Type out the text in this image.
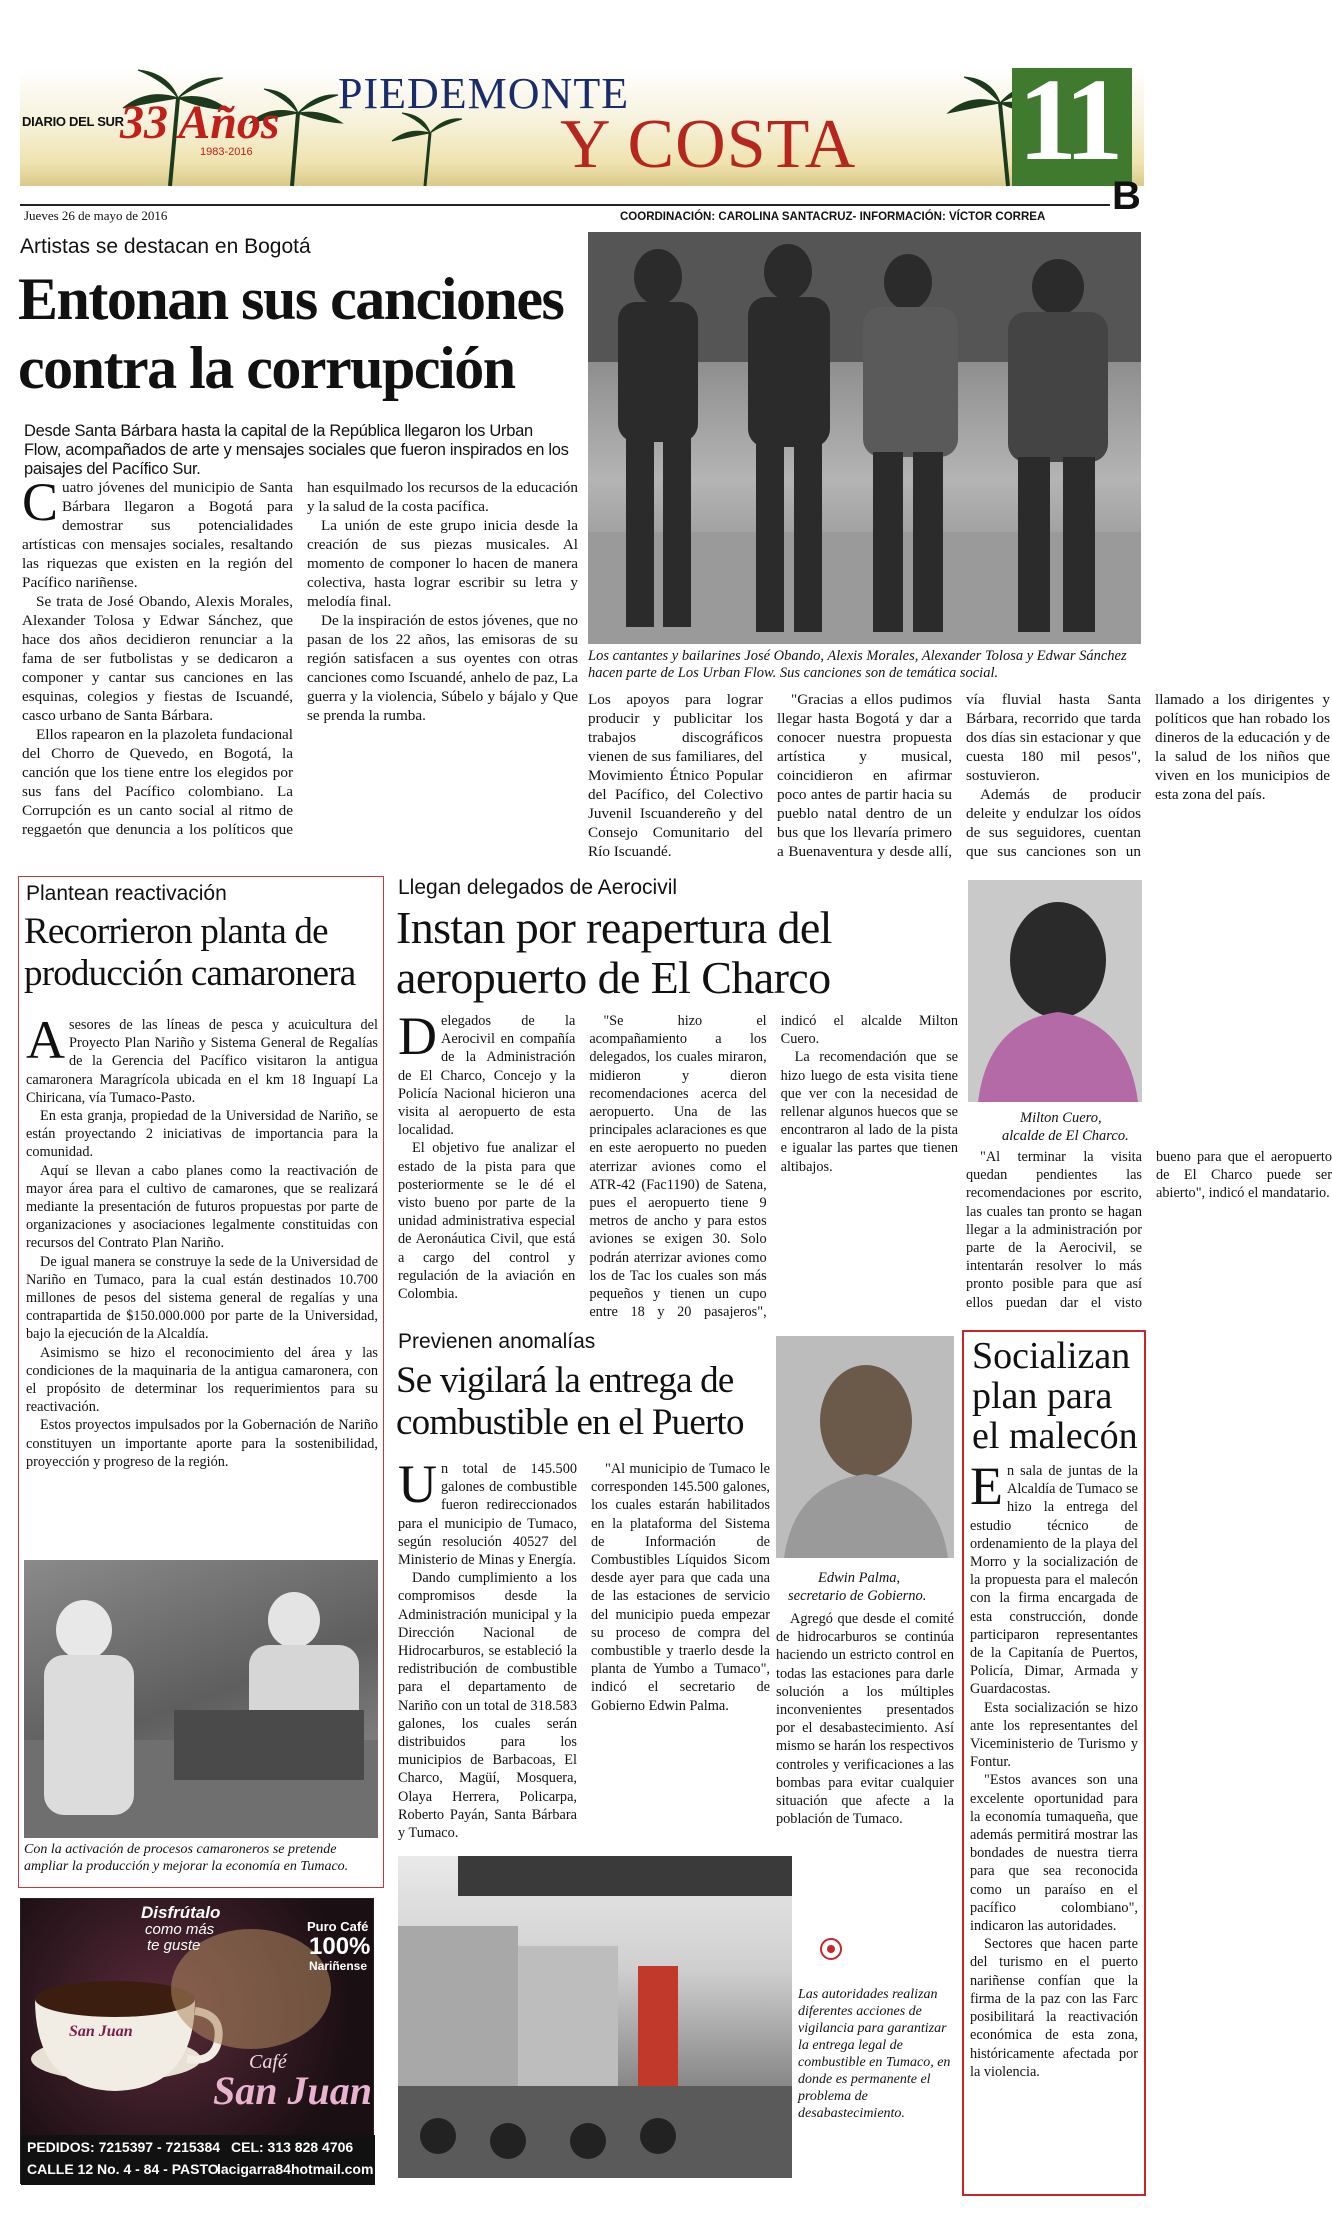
DIARIO DEL SUR
33 Años
1983-2016
PIEDEMONTE
Y COSTA 11
B
Jueves 26 de mayo de 2016	COORDINACIÓN: CAROLINA SANTACRUZ- INFORMACIÓN: VÍCTOR CORREA
Artistas se destacan en Bogotá
Entonan sus canciones
contra la corrupción
Desde Santa Bárbara hasta la capital de la República llegaron los Urban Flow, acompañados de arte y mensajes sociales que fueron inspirados en los paisajes del Pacífico Sur.

Cuatro jóvenes del municipio de Santa Bárbara llegaron a Bogotá para demostrar sus potencialidades artísticas con mensajes sociales, resaltando las riquezas que existen en la región del Pacífico nariñense.

Se trata de José Obando, Alexis Morales, Alexander Tolosa y Edwar Sánchez, que hace dos años decidieron renunciar a la fama de ser futbolistas y se dedicaron a componer y cantar sus canciones en las esquinas, colegios y fiestas de Iscuandé, casco urbano de Santa Bárbara.

Ellos rapearon en la plazoleta fundacional del Chorro de Quevedo, en Bogotá, la canción que los tiene entre los elegidos por sus fans del Pacífico colombiano. La Corrupción es un canto social al ritmo de reggaetón que denuncia a los políticos que han esquilmado los recursos de la educación y la salud de la costa pacífica.

La unión de este grupo inicia desde la creación de sus piezas musicales. Al momento de componer lo hacen de manera colectiva, hasta lograr escribir su letra y melodía final.

De la inspiración de estos jóvenes, que no pasan de los 22 años, las emisoras de su región satisfacen a sus oyentes con otras canciones como Iscuandé, anhelo de paz, La guerra y la violencia, Súbelo y bájalo y Que se prenda la rumba.

Los cantantes y bailarines José Obando, Alexis Morales, Alexander Tolosa y Edwar Sánchez hacen parte de Los Urban Flow. Sus canciones son de temática social.

Los apoyos para lograr producir y publicitar los trabajos discográficos vienen de sus familiares, del Movimiento Étnico Popular del Pacífico, del Colectivo Juvenil Iscuandereño y del Consejo Comunitario del Río Iscuandé.

"Gracias a ellos pudimos llegar hasta Bogotá y dar a conocer nuestra propuesta artística y musical, coincidieron en afirmar poco antes de partir hacia su pueblo natal dentro de un bus que los llevaría primero a Buenaventura y desde allí, vía fluvial hasta Santa Bárbara, recorrido que tarda dos días sin estacionar y que cuesta 180 mil pesos", sostuvieron.

Además de producir deleite y endulzar los oídos de sus seguidores, cuentan que sus canciones son un llamado a los dirigentes y políticos que han robado los dineros de la educación y de la salud de los niños que viven en los municipios de esta zona del país.

Plantean reactivación
Recorrieron planta de
producción camaronera

Asesores de las líneas de pesca y acuicultura del Proyecto Plan Nariño y Sistema General de Regalías de la Gerencia del Pacífico visitaron la antigua camaronera Maragrícola ubicada en el km 18 Inguapí La Chiricana, vía Tumaco-Pasto.

En esta granja, propiedad de la Universidad de Nariño, se están proyectando 2 iniciativas de importancia para la comunidad.

Aquí se llevan a cabo planes como la reactivación de mayor área para el cultivo de camarones, que se realizará mediante la presentación de futuros propuestas por parte de organizaciones y asociaciones legalmente constituidas con recursos del Contrato Plan Nariño.

De igual manera se construye la sede de la Universidad de Nariño en Tumaco, para la cual están destinados 10.700 millones de pesos del sistema general de regalías y una contrapartida de $150.000.000 por parte de la Universidad, bajo la ejecución de la Alcaldía.

Asimismo se hizo el reconocimiento del área y las condiciones de la maquinaria de la antigua camaronera, con el propósito de determinar los requerimientos para su reactivación.

Estos proyectos impulsados por la Gobernación de Nariño constituyen un importante aporte para la sostenibilidad, proyección y progreso de la región.

Con la activación de procesos camaroneros se pretende ampliar la producción y mejorar la economía en Tumaco.
Llegan delegados de Aerocivil
Instan por reapertura del
aeropuerto de El Charco

Delegados de la Aerocivil en compañía de la Administración de El Charco, Concejo y la Policía Nacional hicieron una visita al aeropuerto de esta localidad.

El objetivo fue analizar el estado de la pista para que posteriormente se le dé el visto bueno por parte de la unidad administrativa especial de Aeronáutica Civil, que está a cargo del control y regulación de la aviación en Colombia.

"Se hizo el acompañamiento a los delegados, los cuales miraron, midieron y dieron recomendaciones acerca del aeropuerto. Una de las principales aclaraciones es que en este aeropuerto no pueden aterrizar aviones como el ATR-42 (Fac1190) de Satena, pues el aeropuerto tiene 9 metros de ancho y para estos aviones se exigen 30. Solo podrán aterrizar aviones como los de Tac los cuales son más pequeños y tienen un cupo entre 18 y 20 pasajeros", indicó el alcalde Milton Cuero.

La recomendación que se hizo luego de esta visita tiene que ver con la necesidad de rellenar algunos huecos que se encontraron al lado de la pista e igualar las partes que tienen altibajos.

Milton Cuero,
alcalde de El Charco.

"Al terminar la visita quedan pendientes las recomendaciones por escrito, las cuales tan pronto se hagan llegar a la administración por parte de la Aerocivil, se intentarán resolver lo más pronto posible para que así ellos puedan dar el visto bueno para que el aeropuerto de El Charco puede ser abierto", indicó el mandatario.

Previenen anomalías
Se vigilará la entrega de
combustible en el Puerto

Un total de 145.500 galones de combustible fueron redireccionados para el municipio de Tumaco, según resolución 40527 del Ministerio de Minas y Energía.

Dando cumplimiento a los compromisos desde la Administración municipal y la Dirección Nacional de Hidrocarburos, se estableció la redistribución de combustible para el departamento de Nariño con un total de 318.583 galones, los cuales serán distribuidos para los municipios de Barbacoas, El Charco, Magüí, Mosquera, Olaya Herrera, Policarpa, Roberto Payán, Santa Bárbara y Tumaco.

"Al municipio de Tumaco le corresponden 145.500 galones, los cuales estarán habilitados en la plataforma del Sistema de Información de Combustibles Líquidos Sicom desde ayer para que cada una de las estaciones de servicio del municipio pueda empezar su proceso de compra del combustible y traerlo desde la planta de Yumbo a Tumaco", indicó el secretario de Gobierno Edwin Palma.

Edwin Palma,
secretario de Gobierno.

Agregó que desde el comité de hidrocarburos se continúa haciendo un estricto control en todas las estaciones para darle solución a los múltiples inconvenientes presentados por el desabastecimiento. Así mismo se harán los respectivos controles y verificaciones a las bombas para evitar cualquier situación que afecte a la población de Tumaco.

Socializan
plan para
el malecón

En sala de juntas de la Alcaldía de Tumaco se hizo la entrega del estudio técnico de ordenamiento de la playa del Morro y la socialización de la propuesta para el malecón con la firma encargada de esta construcción, donde participaron representantes de la Capitanía de Puertos, Policía, Dimar, Armada y Guardacostas.

Esta socialización se hizo ante los representantes del Viceministerio de Turismo y Fontur.

"Estos avances son una excelente oportunidad para la economía tumaqueña, que además permitirá mostrar las bondades de nuestra tierra para que sea reconocida como un paraíso en el pacífico colombiano", indicaron las autoridades.

Sectores que hacen parte del turismo en el puerto nariñense confían que la firma de la paz con las Farc posibilitará la reactivación económica de esta zona, históricamente afectada por la violencia.

Las autoridades realizan diferentes acciones de vigilancia para garantizar la entrega legal de combustible en Tumaco, en donde es permanente el problema de desabastecimiento.
San Juan
Disfrútalo
como más
te guste
Puro Café
100%
Nariñense
Café
San Juan
PEDIDOS: 7215397 - 7215384 CEL: 313 828 4706
CALLE 12 No. 4 - 84 - PASTO
lacigarra84hotmail.com
